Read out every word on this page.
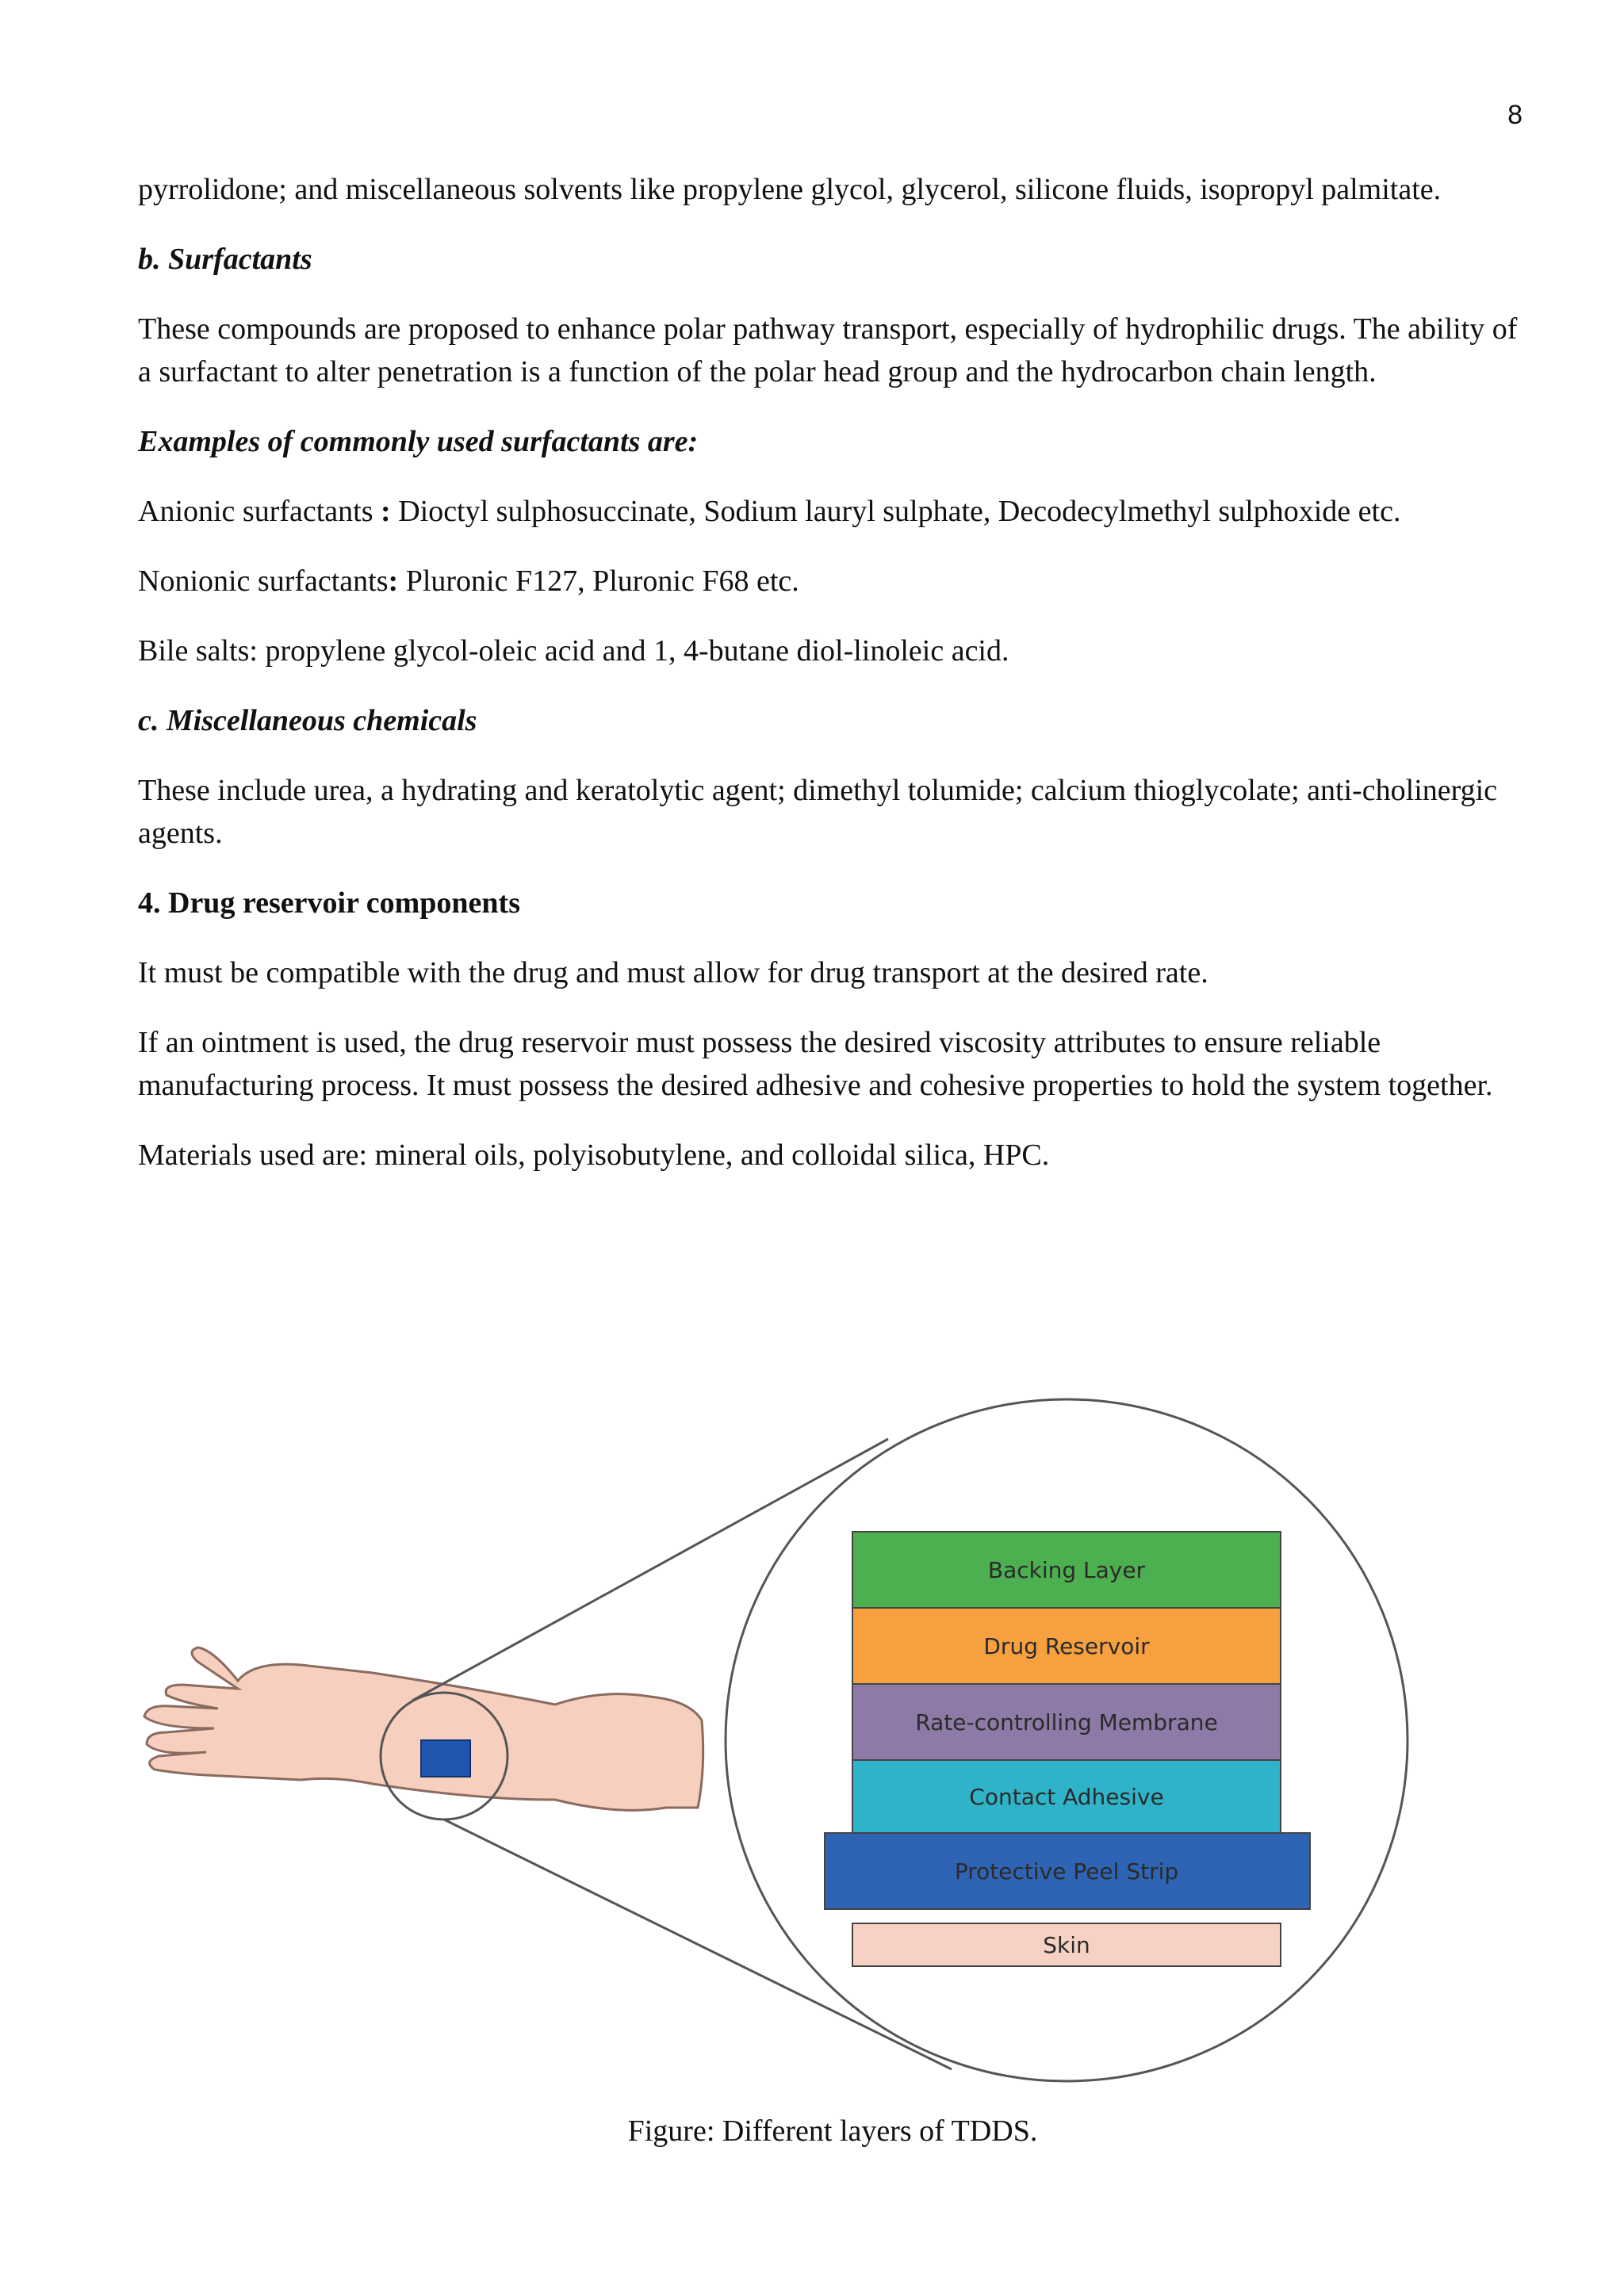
8

pyrrolidone; and miscellaneous solvents like propylene glycol, glycerol, silicone fluids, isopropyl palmitate.

b. Surfactants

These compounds are proposed to enhance polar pathway transport, especially of hydrophilic drugs. The ability of a surfactant to alter penetration is a function of the polar head group and the hydrocarbon chain length.

Examples of commonly used surfactants are:

Anionic surfactants : Dioctyl sulphosuccinate, Sodium lauryl sulphate, Decodecylmethyl sulphoxide etc.

Nonionic surfactants: Pluronic F127, Pluronic F68 etc.

Bile salts: propylene glycol-oleic acid and 1, 4-butane diol-linoleic acid.

c. Miscellaneous chemicals

These include urea, a hydrating and keratolytic agent; dimethyl tolumide; calcium thioglycolate; anti-cholinergic agents.

4. Drug reservoir components

It must be compatible with the drug and must allow for drug transport at the desired rate.

If an ointment is used, the drug reservoir must possess the desired viscosity attributes to ensure reliable manufacturing process. It must possess the desired adhesive and cohesive properties to hold the system together.

Materials used are: mineral oils, polyisobutylene, and colloidal silica, HPC.

Backing Layer
Drug Reservoir
Rate-controlling Membrane
Contact Adhesive
Protective Peel Strip
Skin
Figure: Different layers of TDDS.
